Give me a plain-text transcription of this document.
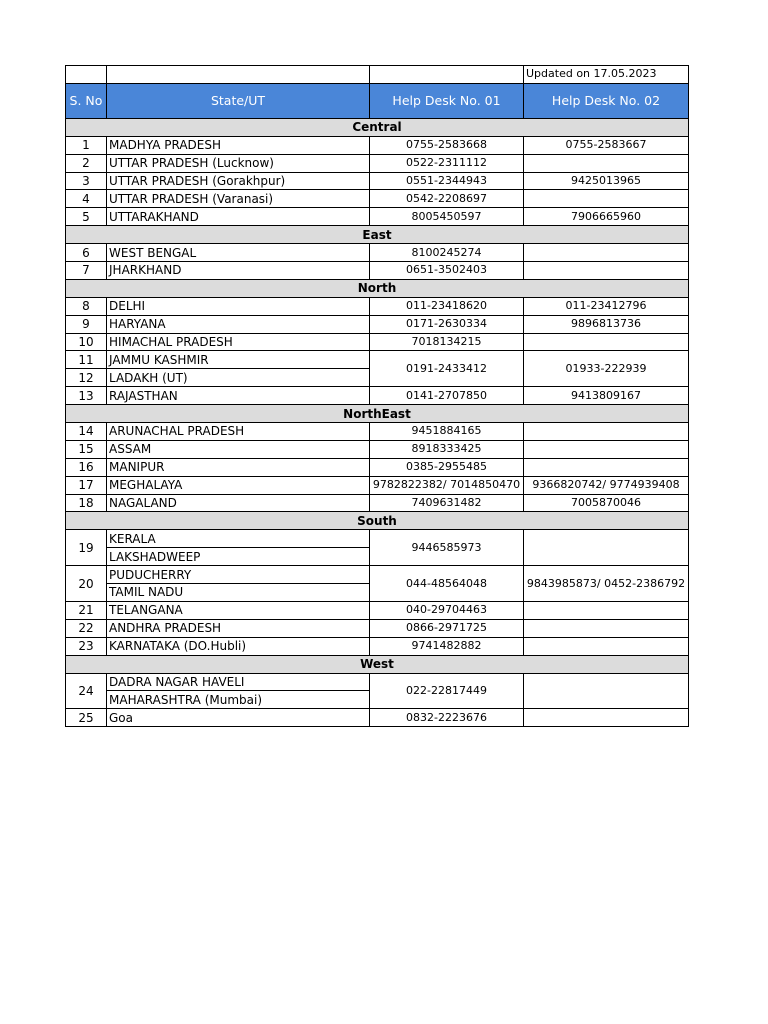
			Updated on 17.05.2023
S. No	State/UT	Help Desk No. 01	Help Desk No. 02
Central			
1	MADHYA PRADESH	0755-2583668	0755-2583667
2	UTTAR PRADESH (Lucknow)	0522-2311112	
3	UTTAR PRADESH (Gorakhpur)	0551-2344943	9425013965
4	UTTAR PRADESH (Varanasi)	0542-2208697	
5	UTTARAKHAND	8005450597	7906665960
East			
6	WEST BENGAL	8100245274	
7	JHARKHAND	0651-3502403	
North			
8	DELHI	011-23418620	011-23412796
9	HARYANA	0171-2630334	9896813736
10	HIMACHAL PRADESH	7018134215	
11	JAMMU KASHMIR	0191-2433412	01933-222939
12	LADAKH (UT)		
13	RAJASTHAN	0141-2707850	9413809167
NorthEast			
14	ARUNACHAL PRADESH	9451884165	
15	ASSAM	8918333425	
16	MANIPUR	0385-2955485	
17	MEGHALAYA	9782822382/ 7014850470	9366820742/ 9774939408
18	NAGALAND	7409631482	7005870046
South			
19	KERALA	9446585973	
	LAKSHADWEEP		
20	PUDUCHERRY	044-48564048	9843985873/ 0452-2386792
	TAMIL NADU		
21	TELANGANA	040-29704463	
22	ANDHRA PRADESH	0866-2971725	
23	KARNATAKA (DO.Hubli)	9741482882	
West			
24	DADRA NAGAR HAVELI	022-22817449	
	MAHARASHTRA (Mumbai)		
25	Goa	0832-2223676	
